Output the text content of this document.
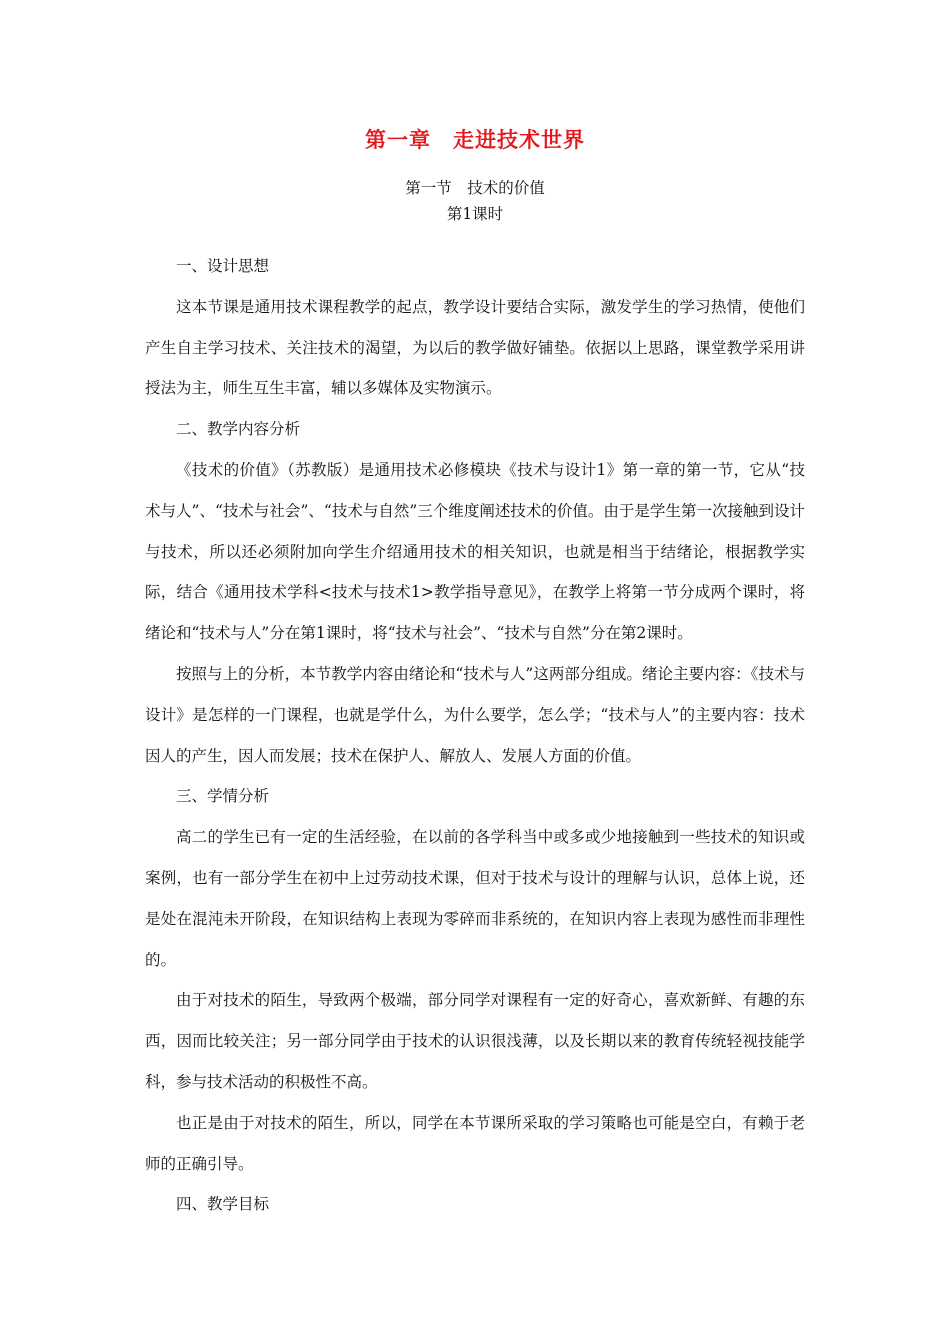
第一章　走进技术世界
第一节　技术的价值
第1课时
一、设计思想

这本节课是通用技术课程教学的起点，教学设计要结合实际，激发学生的学习热情，使他们产生自主学习技术、关注技术的渴望，为以后的教学做好铺垫。依据以上思路，课堂教学采用讲授法为主，师生互生丰富，辅以多媒体及实物演示。

二、教学内容分析

《技术的价值》（苏教版）是通用技术必修模块《技术与设计1》第一章的第一节，它从“技术与人”、“技术与社会”、“技术与自然”三个维度阐述技术的价值。由于是学生第一次接触到设计与技术，所以还必须附加向学生介绍通用技术的相关知识，也就是相当于结绪论，根据教学实际，结合《通用技术学科<技术与技术1>教学指导意见》，在教学上将第一节分成两个课时，将绪论和“技术与人”分在第1课时，将“技术与社会”、“技术与自然”分在第2课时。

按照与上的分析，本节教学内容由绪论和“技术与人”这两部分组成。绪论主要内容：《技术与设计》是怎样的一门课程，也就是学什么，为什么要学，怎么学；“技术与人”的主要内容：技术因人的产生，因人而发展；技术在保护人、解放人、发展人方面的价值。

三、学情分析

高二的学生已有一定的生活经验，在以前的各学科当中或多或少地接触到一些技术的知识或案例，也有一部分学生在初中上过劳动技术课，但对于技术与设计的理解与认识，总体上说，还是处在混沌未开阶段，在知识结构上表现为零碎而非系统的，在知识内容上表现为感性而非理性的。

由于对技术的陌生，导致两个极端，部分同学对课程有一定的好奇心，喜欢新鲜、有趣的东西，因而比较关注；另一部分同学由于技术的认识很浅薄，以及长期以来的教育传统轻视技能学科，参与技术活动的积极性不高。

也正是由于对技术的陌生，所以，同学在本节课所采取的学习策略也可能是空白，有赖于老师的正确引导。

四、教学目标
